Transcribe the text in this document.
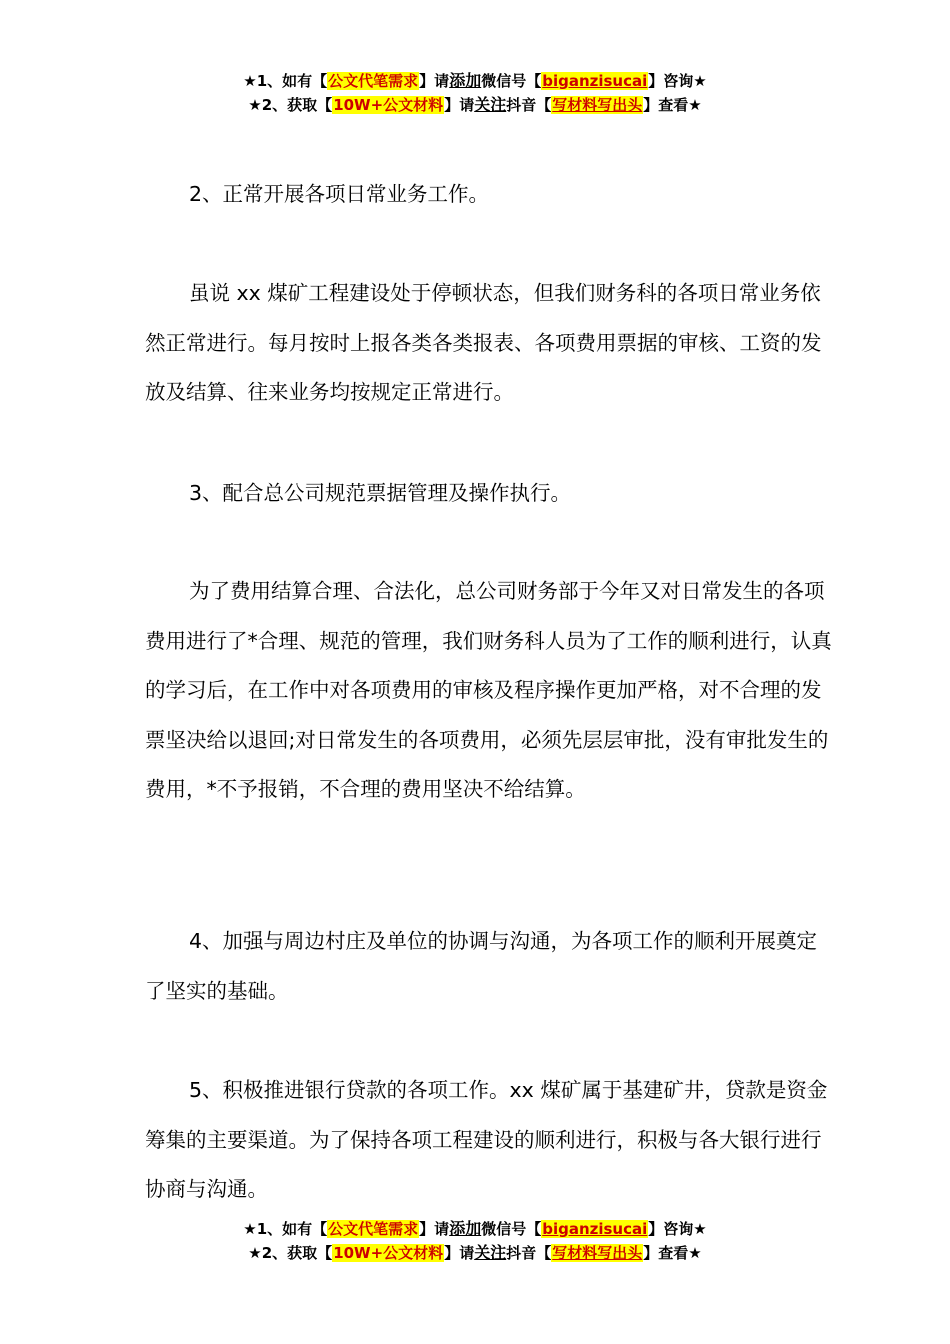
★1、如有【公文代笔需求】请添加微信号【biganzisucai】咨询★
★2、获取【10W+公文材料】请关注抖音【写材料写出头】查看★
2、正常开展各项日常业务工作。
虽说 xx 煤矿工程建设处于停顿状态，但我们财务科的各项日常业务依然正常进行。每月按时上报各类各类报表、各项费用票据的审核、工资的发放及结算、往来业务均按规定正常进行。
3、配合总公司规范票据管理及操作执行。
为了费用结算合理、合法化，总公司财务部于今年又对日常发生的各项费用进行了*合理、规范的管理，我们财务科人员为了工作的顺利进行，认真的学习后，在工作中对各项费用的审核及程序操作更加严格，对不合理的发票坚决给以退回;对日常发生的各项费用，必须先层层审批，没有审批发生的费用，*不予报销，不合理的费用坚决不给结算。
4、加强与周边村庄及单位的协调与沟通，为各项工作的顺利开展奠定了坚实的基础。
5、积极推进银行贷款的各项工作。xx 煤矿属于基建矿井，贷款是资金筹集的主要渠道。为了保持各项工程建设的顺利进行，积极与各大银行进行协商与沟通。
★1、如有【公文代笔需求】请添加微信号【biganzisucai】咨询★
★2、获取【10W+公文材料】请关注抖音【写材料写出头】查看★
